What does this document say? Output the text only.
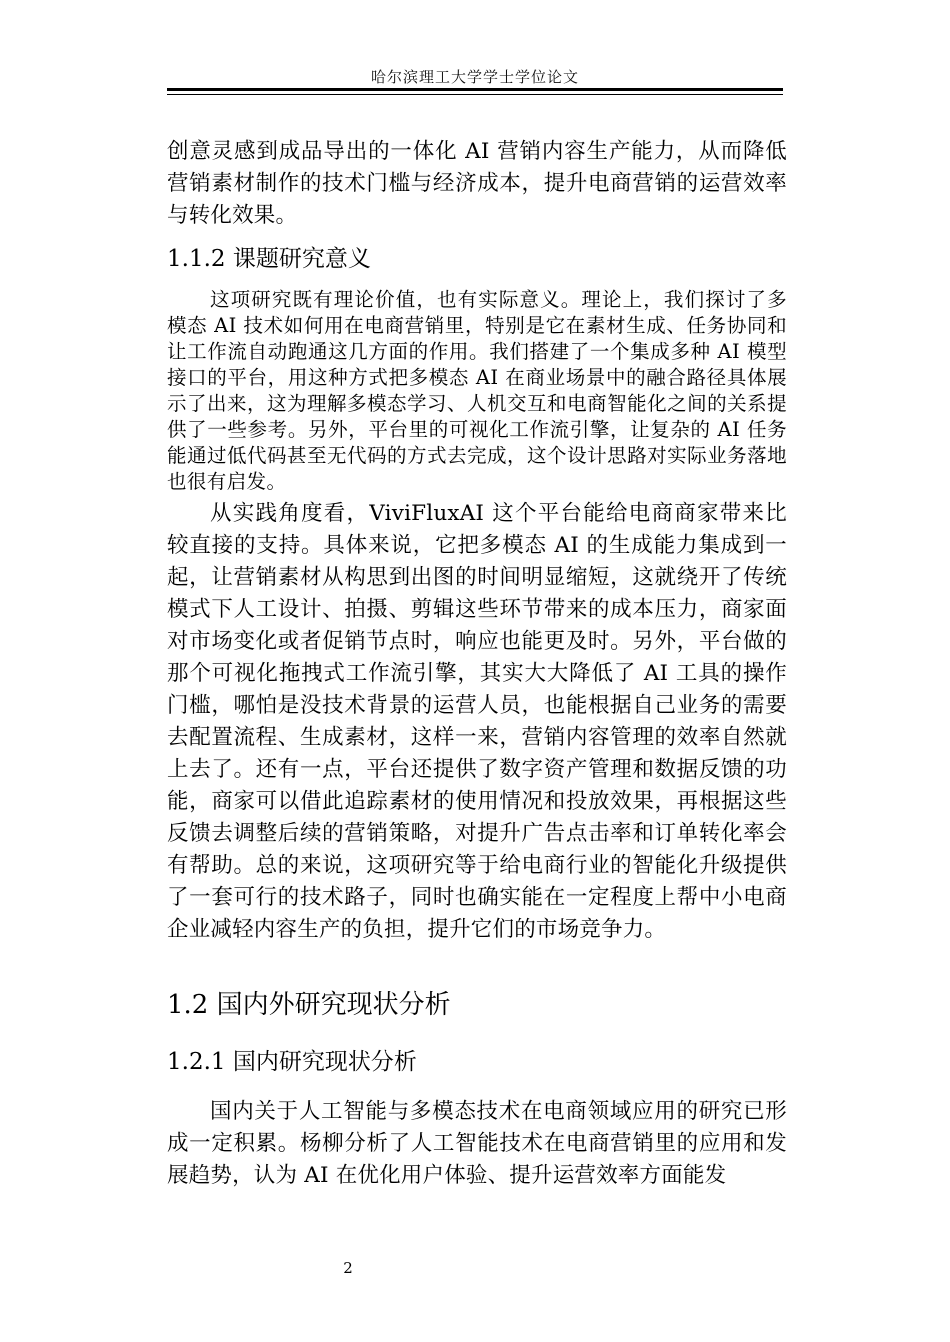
哈尔滨理工大学学士学位论文

创意灵感到成品导出的一体化 AI 营销内容生产能力，从而降低营销素材制作的技术门槛与经济成本，提升电商营销的运营效率与转化效果。

1.1.2 课题研究意义

这项研究既有理论价值，也有实际意义。理论上，我们探讨了多模态 AI 技术如何用在电商营销里，特别是它在素材生成、任务协同和让工作流自动跑通这几方面的作用。我们搭建了一个集成多种 AI 模型接口的平台，用这种方式把多模态 AI 在商业场景中的融合路径具体展示了出来，这为理解多模态学习、人机交互和电商智能化之间的关系提供了一些参考。另外，平台里的可视化工作流引擎，让复杂的 AI 任务能通过低代码甚至无代码的方式去完成，这个设计思路对实际业务落地也很有启发。

从实践角度看，ViviFluxAI 这个平台能给电商商家带来比较直接的支持。具体来说，它把多模态 AI 的生成能力集成到一起，让营销素材从构思到出图的时间明显缩短，这就绕开了传统模式下人工设计、拍摄、剪辑这些环节带来的成本压力，商家面对市场变化或者促销节点时，响应也能更及时。另外，平台做的那个可视化拖拽式工作流引擎，其实大大降低了 AI 工具的操作门槛，哪怕是没技术背景的运营人员，也能根据自己业务的需要去配置流程、生成素材，这样一来，营销内容管理的效率自然就上去了。还有一点，平台还提供了数字资产管理和数据反馈的功能，商家可以借此追踪素材的使用情况和投放效果，再根据这些反馈去调整后续的营销策略，对提升广告点击率和订单转化率会有帮助。总的来说，这项研究等于给电商行业的智能化升级提供了一套可行的技术路子，同时也确实能在一定程度上帮中小电商企业减轻内容生产的负担，提升它们的市场竞争力。

1.2 国内外研究现状分析
1.2.1 国内研究现状分析

国内关于人工智能与多模态技术在电商领域应用的研究已形成一定积累。杨柳分析了人工智能技术在电商营销里的应用和发展趋势，认为 AI 在优化用户体验、提升运营效率方面能发

2
